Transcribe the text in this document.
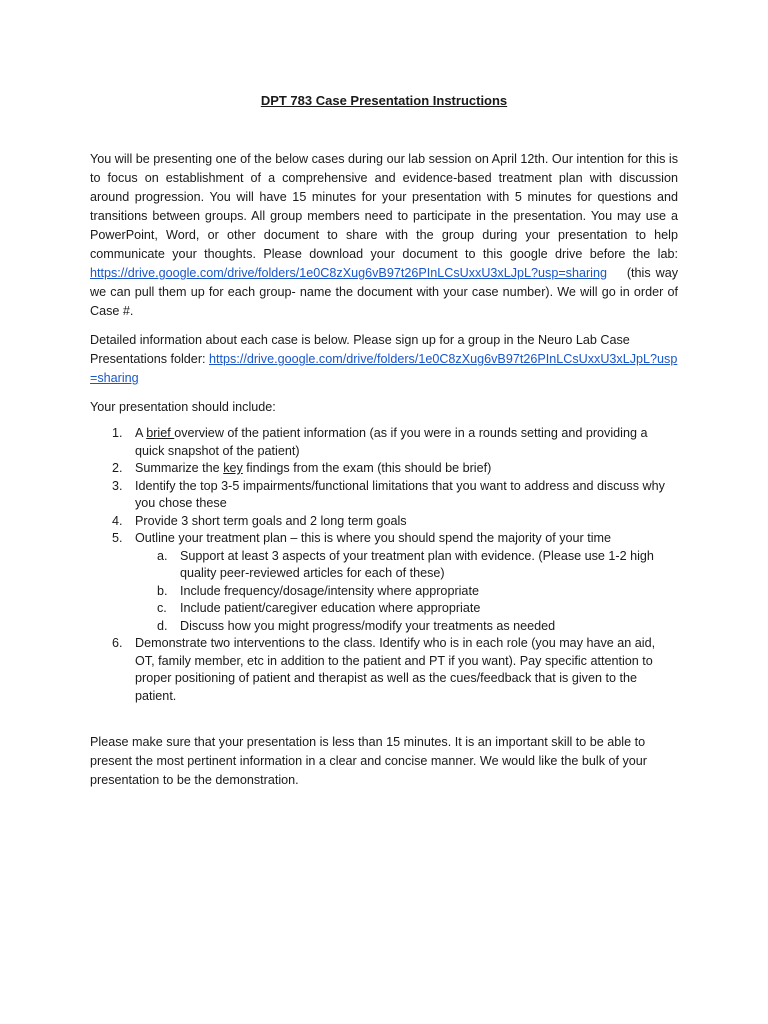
DPT 783 Case Presentation Instructions

You will be presenting one of the below cases during our lab session on April 12th. Our intention for this is to focus on establishment of a comprehensive and evidence-based treatment plan with discussion around progression. You will have 15 minutes for your presentation with 5 minutes for questions and transitions between groups. All group members need to participate in the presentation. You may use a PowerPoint, Word, or other document to share with the group during your presentation to help communicate your thoughts. Please download your document to this google drive before the lab: https://drive.google.com/drive/folders/1e0C8zXug6vB97t26PInLCsUxxU3xLJpL?usp=sharing (this way we can pull them up for each group- name the document with your case number). We will go in order of Case #.

Detailed information about each case is below. Please sign up for a group in the Neuro Lab Case Presentations folder: https://drive.google.com/drive/folders/1e0C8zXug6vB97t26PInLCsUxxU3xLJpL?usp=sharing

Your presentation should include:

1. A brief overview of the patient information (as if you were in a rounds setting and providing a quick snapshot of the patient)
2. Summarize the key findings from the exam (this should be brief)
3. Identify the top 3-5 impairments/functional limitations that you want to address and discuss why you chose these
4. Provide 3 short term goals and 2 long term goals
5. Outline your treatment plan – this is where you should spend the majority of your time
a. Support at least 3 aspects of your treatment plan with evidence. (Please use 1-2 high quality peer-reviewed articles for each of these)
b. Include frequency/dosage/intensity where appropriate
c. Include patient/caregiver education where appropriate
d. Discuss how you might progress/modify your treatments as needed
6. Demonstrate two interventions to the class. Identify who is in each role (you may have an aid, OT, family member, etc in addition to the patient and PT if you want). Pay specific attention to proper positioning of patient and therapist as well as the cues/feedback that is given to the patient.

Please make sure that your presentation is less than 15 minutes. It is an important skill to be able to present the most pertinent information in a clear and concise manner. We would like the bulk of your presentation to be the demonstration.
